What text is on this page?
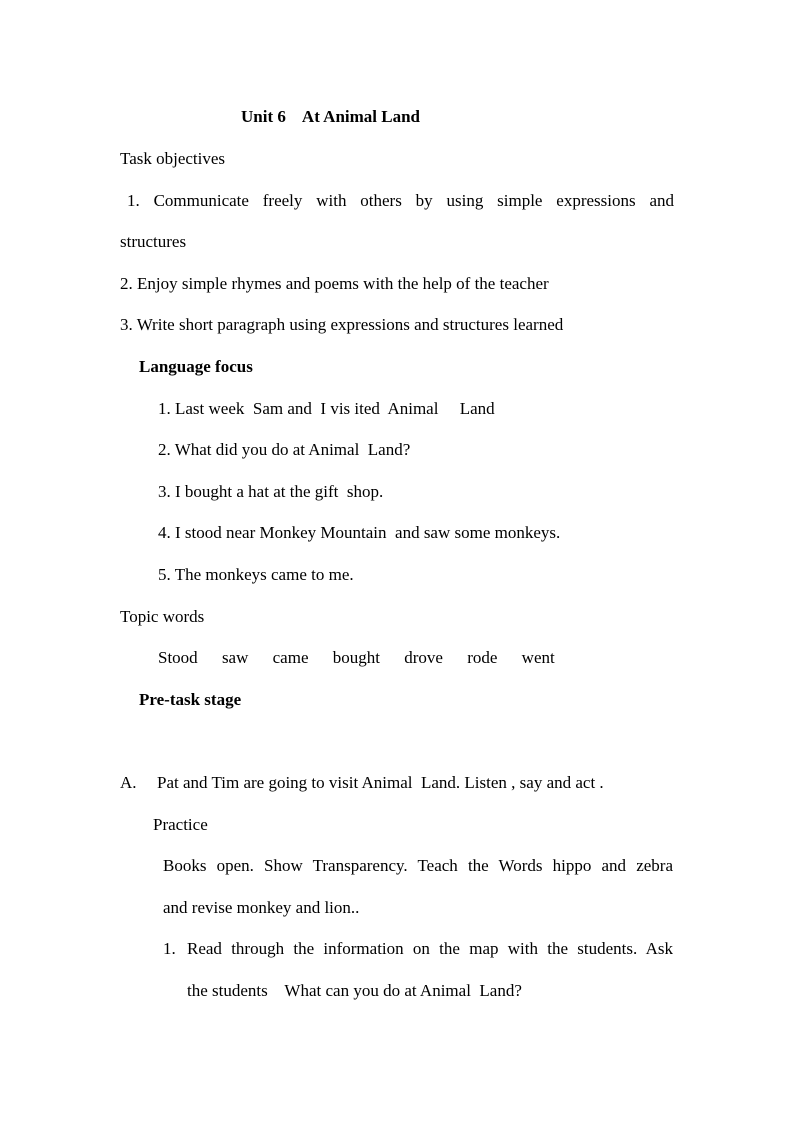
Unit 6    At Animal Land
Task objectives
1.  Communicate  freely  with  others  by  using  simple  expressions  and
structures
2. Enjoy simple rhymes and poems with the help of the teacher
3. Write short paragraph using expressions and structures learned
Language focus
1. Last week  Sam and  I vis ited  Animal     Land
2. What did you do at Animal  Land?
3. I bought a hat at the gift  shop.
4. I stood near Monkey Mountain  and saw some monkeys.
5. The monkeys came to me.
Topic words
Stood saw came bought drove rode went
Pre-task stage
A. Pat and Tim are going to visit Animal  Land. Listen , say and act .
Practice
Books open. Show Transparency. Teach the Words hippo and zebra
and revise monkey and lion..
1. Read through the information on the map with the students. Ask
the students    What can you do at Animal  Land?
